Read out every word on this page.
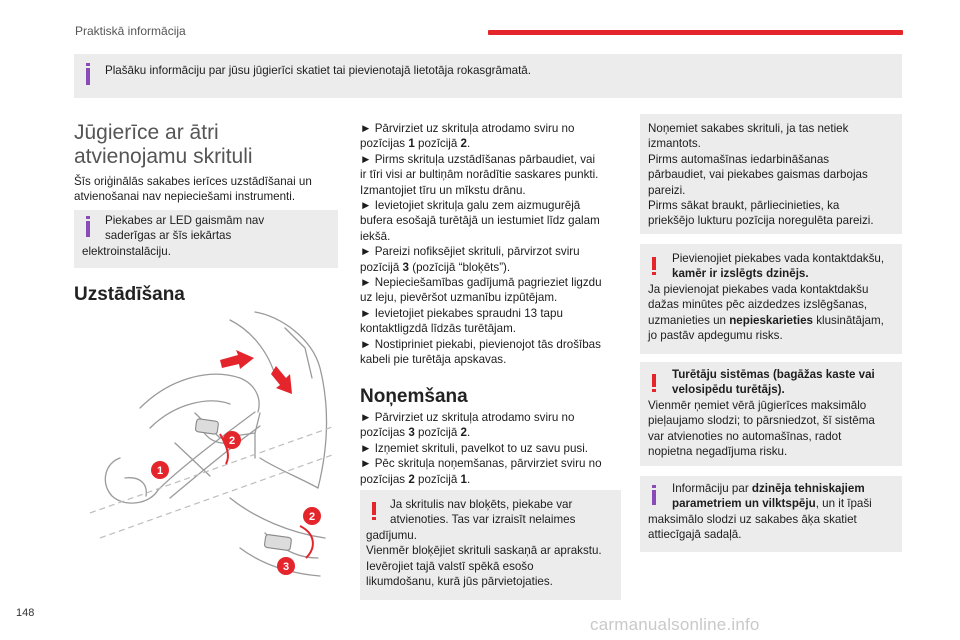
Praktiskā informācija
Plašāku informāciju par jūsu jūgierīci skatiet tai pievienotajā lietotāja rokasgrāmatā.
Jūgierīce ar ātri
atvienojamu skrituli
Šīs oriģinālās sakabes ierīces uzstādīšanai un
atvienošanai nav nepieciešami instrumenti.
Piekabes ar LED gaismām nav
saderīgas ar šīs iekārtas
elektroinstalāciju.
Uzstādīšana
2
1
2
3
► Pārvirziet uz skrituļa atrodamo sviru no
pozīcijas 1 pozīcijā 2.
► Pirms skrituļa uzstādīšanas pārbaudiet, vai
ir tīri visi ar bultiņām norādītie saskares punkti.
Izmantojiet tīru un mīkstu drānu.
► Ievietojiet skrituļa galu zem aizmugurējā
bufera esošajā turētājā un iestumiet līdz galam
iekšā.
► Pareizi nofiksējiet skrituli, pārvirzot sviru
pozīcijā 3 (pozīcijā “bloķēts”).
► Nepieciešamības gadījumā pagrieziet ligzdu
uz leju, pievēršot uzmanību izpūtējam.
► Ievietojiet piekabes spraudni 13 tapu
kontaktligzdā līdzās turētājam.
► Nostipriniet piekabi, pievienojot tās drošības
kabeli pie turētāja apskavas.
Noņemšana
► Pārvirziet uz skrituļa atrodamo sviru no
pozīcijas 3 pozīcijā 2.
► Izņemiet skrituli, pavelkot to uz savu pusi.
► Pēc skrituļa noņemšanas, pārvirziet sviru no
pozīcijas 2 pozīcijā 1.
Ja skritulis nav bloķēts, piekabe var
atvienoties. Tas var izraisīt nelaimes
gadījumu.
Vienmēr bloķējiet skrituli saskaņā ar aprakstu.
Ievērojiet tajā valstī spēkā esošo
likumdošanu, kurā jūs pārvietojaties.
Noņemiet sakabes skrituli, ja tas netiek
izmantots.
Pirms automašīnas iedarbināšanas
pārbaudiet, vai piekabes gaismas darbojas
pareizi.
Pirms sākat braukt, pārliecinieties, ka
priekšējo lukturu pozīcija noregulēta pareizi.
Pievienojiet piekabes vada kontaktdakšu,
kamēr ir izslēgts dzinējs.
Ja pievienojat piekabes vada kontaktdakšu
dažas minūtes pēc aizdedzes izslēgšanas,
uzmanieties un nepieskarieties klusinātājam,
jo pastāv apdegumu risks.
Turētāju sistēmas (bagāžas kaste vai
velosipēdu turētājs).
Vienmēr ņemiet vērā jūgierīces maksimālo
pieļaujamo slodzi; to pārsniedzot, šī sistēma
var atvienoties no automašīnas, radot
nopietna negadījuma risku.
Informāciju par dzinēja tehniskajiem
parametriem un vilktspēju, un it īpaši
maksimālo slodzi uz sakabes āķa skatiet
attiecīgajā sadaļā.
148
carmanualsonline.info
